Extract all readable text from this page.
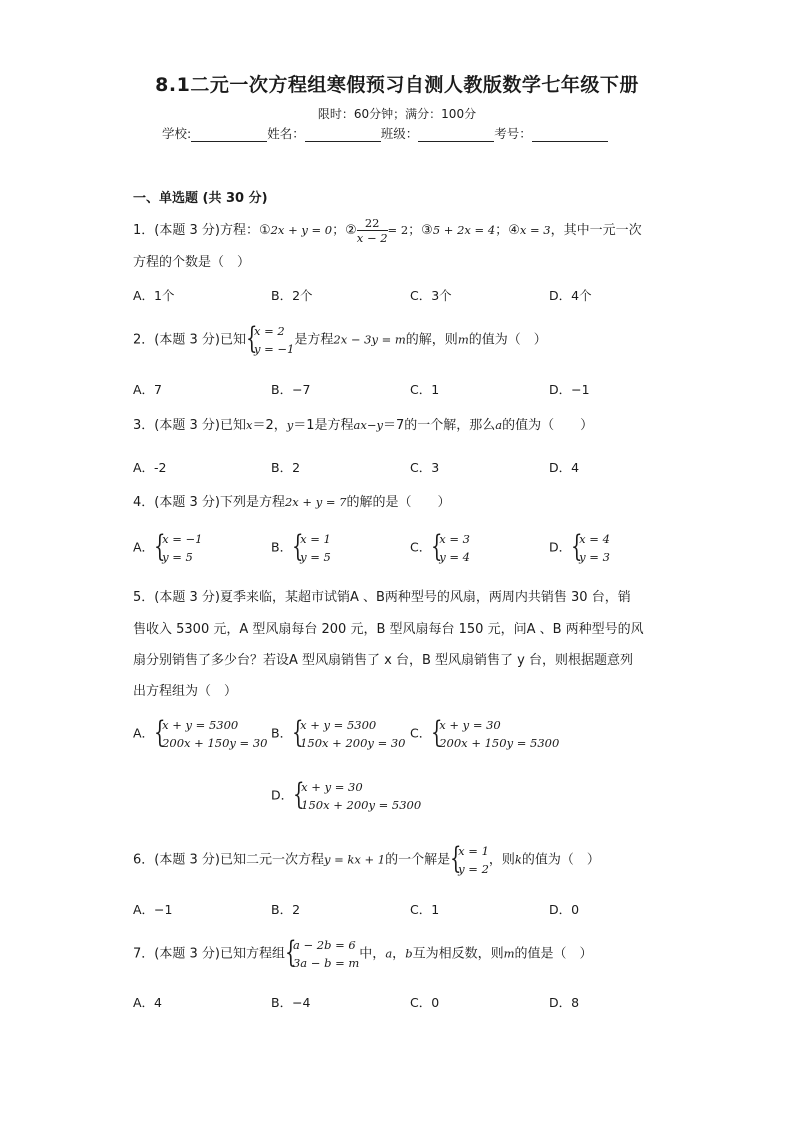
8.1二元一次方程组寒假预习自测人教版数学七年级下册
限时：60分钟；满分：100分
学校:	姓名：	班级：	考号：
一、单选题 (共 30 分)
1．(本题 3 分)方程：①2x + y = 0；② $\frac{22}{x - 2} = 2$；③5 + 2x = 4；④x = 3，其中一元一次
方程的个数是（　）
A．1个	B．2个	C．3个	D．4个
2．(本题 3 分)已知 {
x = 2
y = −1
是方程2x − 3y = m的解，则m的值为（　）
A．7	B．−7	C．1	D．−1
3．(本题 3 分)已知x＝2，y＝1是方程ax−y＝7的一个解，那么a的值为（　　）
A．-2	B．2	C．3	D．4
4．(本题 3 分)下列是方程2x + y = 7的解的是（　　）
A． {
x = −1
y = 5
B． {
x = 1
y = 5
C． {
x = 3
y = 4
D． {
x = 4
y = 3
5．(本题 3 分)夏季来临，某超市试销A 、B两种型号的风扇，两周内共销售 30 台，销
售收入 5300 元，A 型风扇每台 200 元，B 型风扇每台 150 元，问A 、B 两种型号的风
扇分别销售了多少台？若设A 型风扇销售了 x 台，B 型风扇销售了 y 台，则根据题意列
出方程组为（　）
A． {
x + y = 5300
200x + 150y = 30
B． {
x + y = 5300
150x + 200y = 30
C． {
x + y = 30
200x + 150y = 5300
D． {
x + y = 30
150x + 200y = 5300
6．(本题 3 分)已知二元一次方程y = kx + 1的一个解是 {
x = 1
y = 2
，则k的值为（　）
A．−1	B．2	C．1	D．0
7．(本题 3 分)已知方程组 {
a − 2b = 6
3a − b = m
中，a，b互为相反数，则m的值是（　）
A．4	B．−4	C．0	D．8
